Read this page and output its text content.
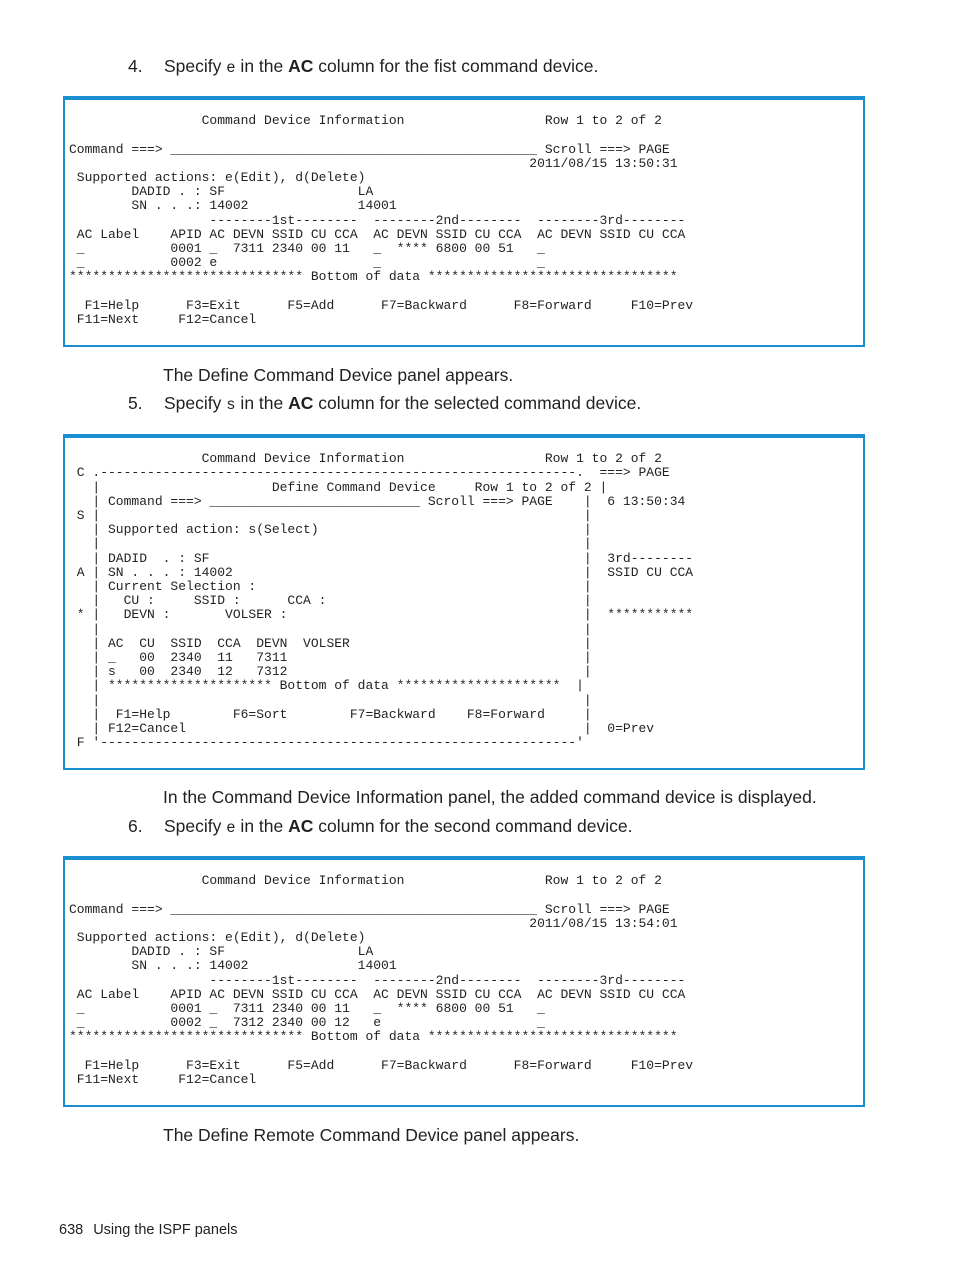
4. Specify e in the AC column for the fist command device.

Command Device Information                  Row 1 to 2 of 2

Command ===> _______________________________________________ Scroll ===> PAGE
2011/08/15 13:50:31
Supported actions: e(Edit), d(Delete)
DADID . : SF                 LA
SN . . .: 14002              14001
--------1st--------  --------2nd--------  --------3rd--------
AC Label    APID AC DEVN SSID CU CCA  AC DEVN SSID CU CCA  AC DEVN SSID CU CCA
_           0001 _  7311 2340 00 11   _  **** 6800 00 51   _
_           0002 e                    _                    _
****************************** Bottom of data ********************************

F1=Help      F3=Exit      F5=Add      F7=Backward      F8=Forward     F10=Prev
F11=Next     F12=Cancel

The Define Command Device panel appears.
5. Specify s in the AC column for the selected command device.

Command Device Information                  Row 1 to 2 of 2
C .-------------------------------------------------------------.  ===> PAGE
|                      Define Command Device     Row 1 to 2 of 2 |
| Command ===> ___________________________ Scroll ===> PAGE    |  6 13:50:34
S |                                                              |
| Supported action: s(Select)                                  |
|                                                              |
| DADID  . : SF                                                |  3rd--------
A | SN . . . : 14002                                             |  SSID CU CCA
| Current Selection :                                          |
|   CU :     SSID :      CCA :                                 |
* |   DEVN :       VOLSER :                                      |  ***********
|                                                              |
| AC  CU  SSID  CCA  DEVN  VOLSER                              |
| _   00  2340  11   7311                                      |
| s   00  2340  12   7312                                      |
| ********************* Bottom of data *********************  |
|                                                              |
|  F1=Help        F6=Sort        F7=Backward    F8=Forward     |
| F12=Cancel                                                   |  0=Prev
F '-------------------------------------------------------------'

In the Command Device Information panel, the added command device is displayed.
6. Specify e in the AC column for the second command device.

Command Device Information                  Row 1 to 2 of 2

Command ===> _______________________________________________ Scroll ===> PAGE
2011/08/15 13:54:01
Supported actions: e(Edit), d(Delete)
DADID . : SF                 LA
SN . . .: 14002              14001
--------1st--------  --------2nd--------  --------3rd--------
AC Label    APID AC DEVN SSID CU CCA  AC DEVN SSID CU CCA  AC DEVN SSID CU CCA
_           0001 _  7311 2340 00 11   _  **** 6800 00 51   _
_           0002 _  7312 2340 00 12   e                    _
****************************** Bottom of data ********************************

F1=Help      F3=Exit      F5=Add      F7=Backward      F8=Forward     F10=Prev
F11=Next     F12=Cancel

The Define Remote Command Device panel appears.
638 Using the ISPF panels
